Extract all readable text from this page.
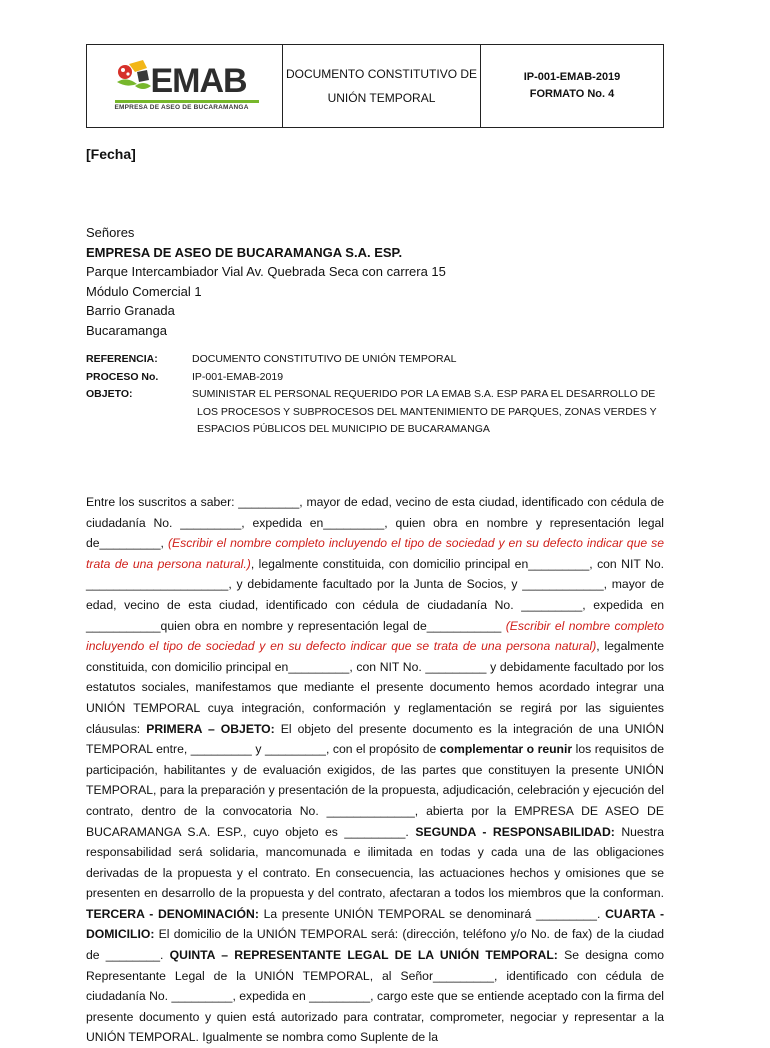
EMAB
EMPRESA DE ASEO DE BUCARAMANGA
DOCUMENTO CONSTITUTIVO DE
UNIÓN TEMPORAL
IP-001-EMAB-2019
FORMATO No. 4
[Fecha]
Señores
EMPRESA DE ASEO DE BUCARAMANGA S.A. ESP.
Parque Intercambiador Vial Av. Quebrada Seca con carrera 15
Módulo Comercial 1
Barrio Granada
Bucaramanga
REFERENCIA:	DOCUMENTO CONSTITUTIVO DE UNIÓN TEMPORAL
PROCESO No.	IP-001-EMAB-2019
OBJETO:	SUMINISTAR EL PERSONAL REQUERIDO POR LA EMAB S.A. ESP PARA EL DESARROLLO DE
LOS PROCESOS Y SUBPROCESOS DEL MANTENIMIENTO DE PARQUES, ZONAS VERDES Y
ESPACIOS PÚBLICOS DEL MUNICIPIO DE BUCARAMANGA
Entre los suscritos a saber: _________, mayor de edad, vecino de esta ciudad, identificado con cédula de ciudadanía No. _________, expedida en_________, quien obra en nombre y representación legal de_________, (Escribir el nombre completo incluyendo el tipo de sociedad y en su defecto indicar que se trata de una persona natural.), legalmente constituida, con domicilio principal en_________, con NIT No. _____________________, y debidamente facultado por la Junta de Socios, y ____________, mayor de edad, vecino de esta ciudad, identificado con cédula de ciudadanía No. _________, expedida en ___________quien obra en nombre y representación legal de___________ (Escribir el nombre completo incluyendo el tipo de sociedad y en su defecto indicar que se trata de una persona natural), legalmente constituida, con domicilio principal en_________, con NIT No. _________ y debidamente facultado por los estatutos sociales, manifestamos que mediante el presente documento hemos acordado integrar una UNIÓN TEMPORAL cuya integración, conformación y reglamentación se regirá por las siguientes cláusulas: PRIMERA – OBJETO: El objeto del presente documento es la integración de una UNIÓN TEMPORAL entre, _________ y _________, con el propósito de complementar o reunir los requisitos de participación, habilitantes y de evaluación exigidos, de las partes que constituyen la presente UNIÓN TEMPORAL, para la preparación y presentación de la propuesta, adjudicación, celebración y ejecución del contrato, dentro de la convocatoria No. _____________, abierta por la EMPRESA DE ASEO DE BUCARAMANGA S.A. ESP., cuyo objeto es _________. SEGUNDA - RESPONSABILIDAD: Nuestra responsabilidad será solidaria, mancomunada e ilimitada en todas y cada una de las obligaciones derivadas de la propuesta y el contrato. En consecuencia, las actuaciones hechos y omisiones que se presenten en desarrollo de la propuesta y del contrato, afectaran a todos los miembros que la conforman. TERCERA - DENOMINACIÓN: La presente UNIÓN TEMPORAL se denominará _________. CUARTA - DOMICILIO: El domicilio de la UNIÓN TEMPORAL será: (dirección, teléfono y/o No. de fax) de la ciudad de ________. QUINTA – REPRESENTANTE LEGAL DE LA UNIÓN TEMPORAL: Se designa como Representante Legal de la UNIÓN TEMPORAL, al Señor_________, identificado con cédula de ciudadanía No. _________, expedida en _________, cargo este que se entiende aceptado con la firma del presente documento y quien está autorizado para contratar, comprometer, negociar y representar a la UNIÓN TEMPORAL. Igualmente se nombra como Suplente de la
